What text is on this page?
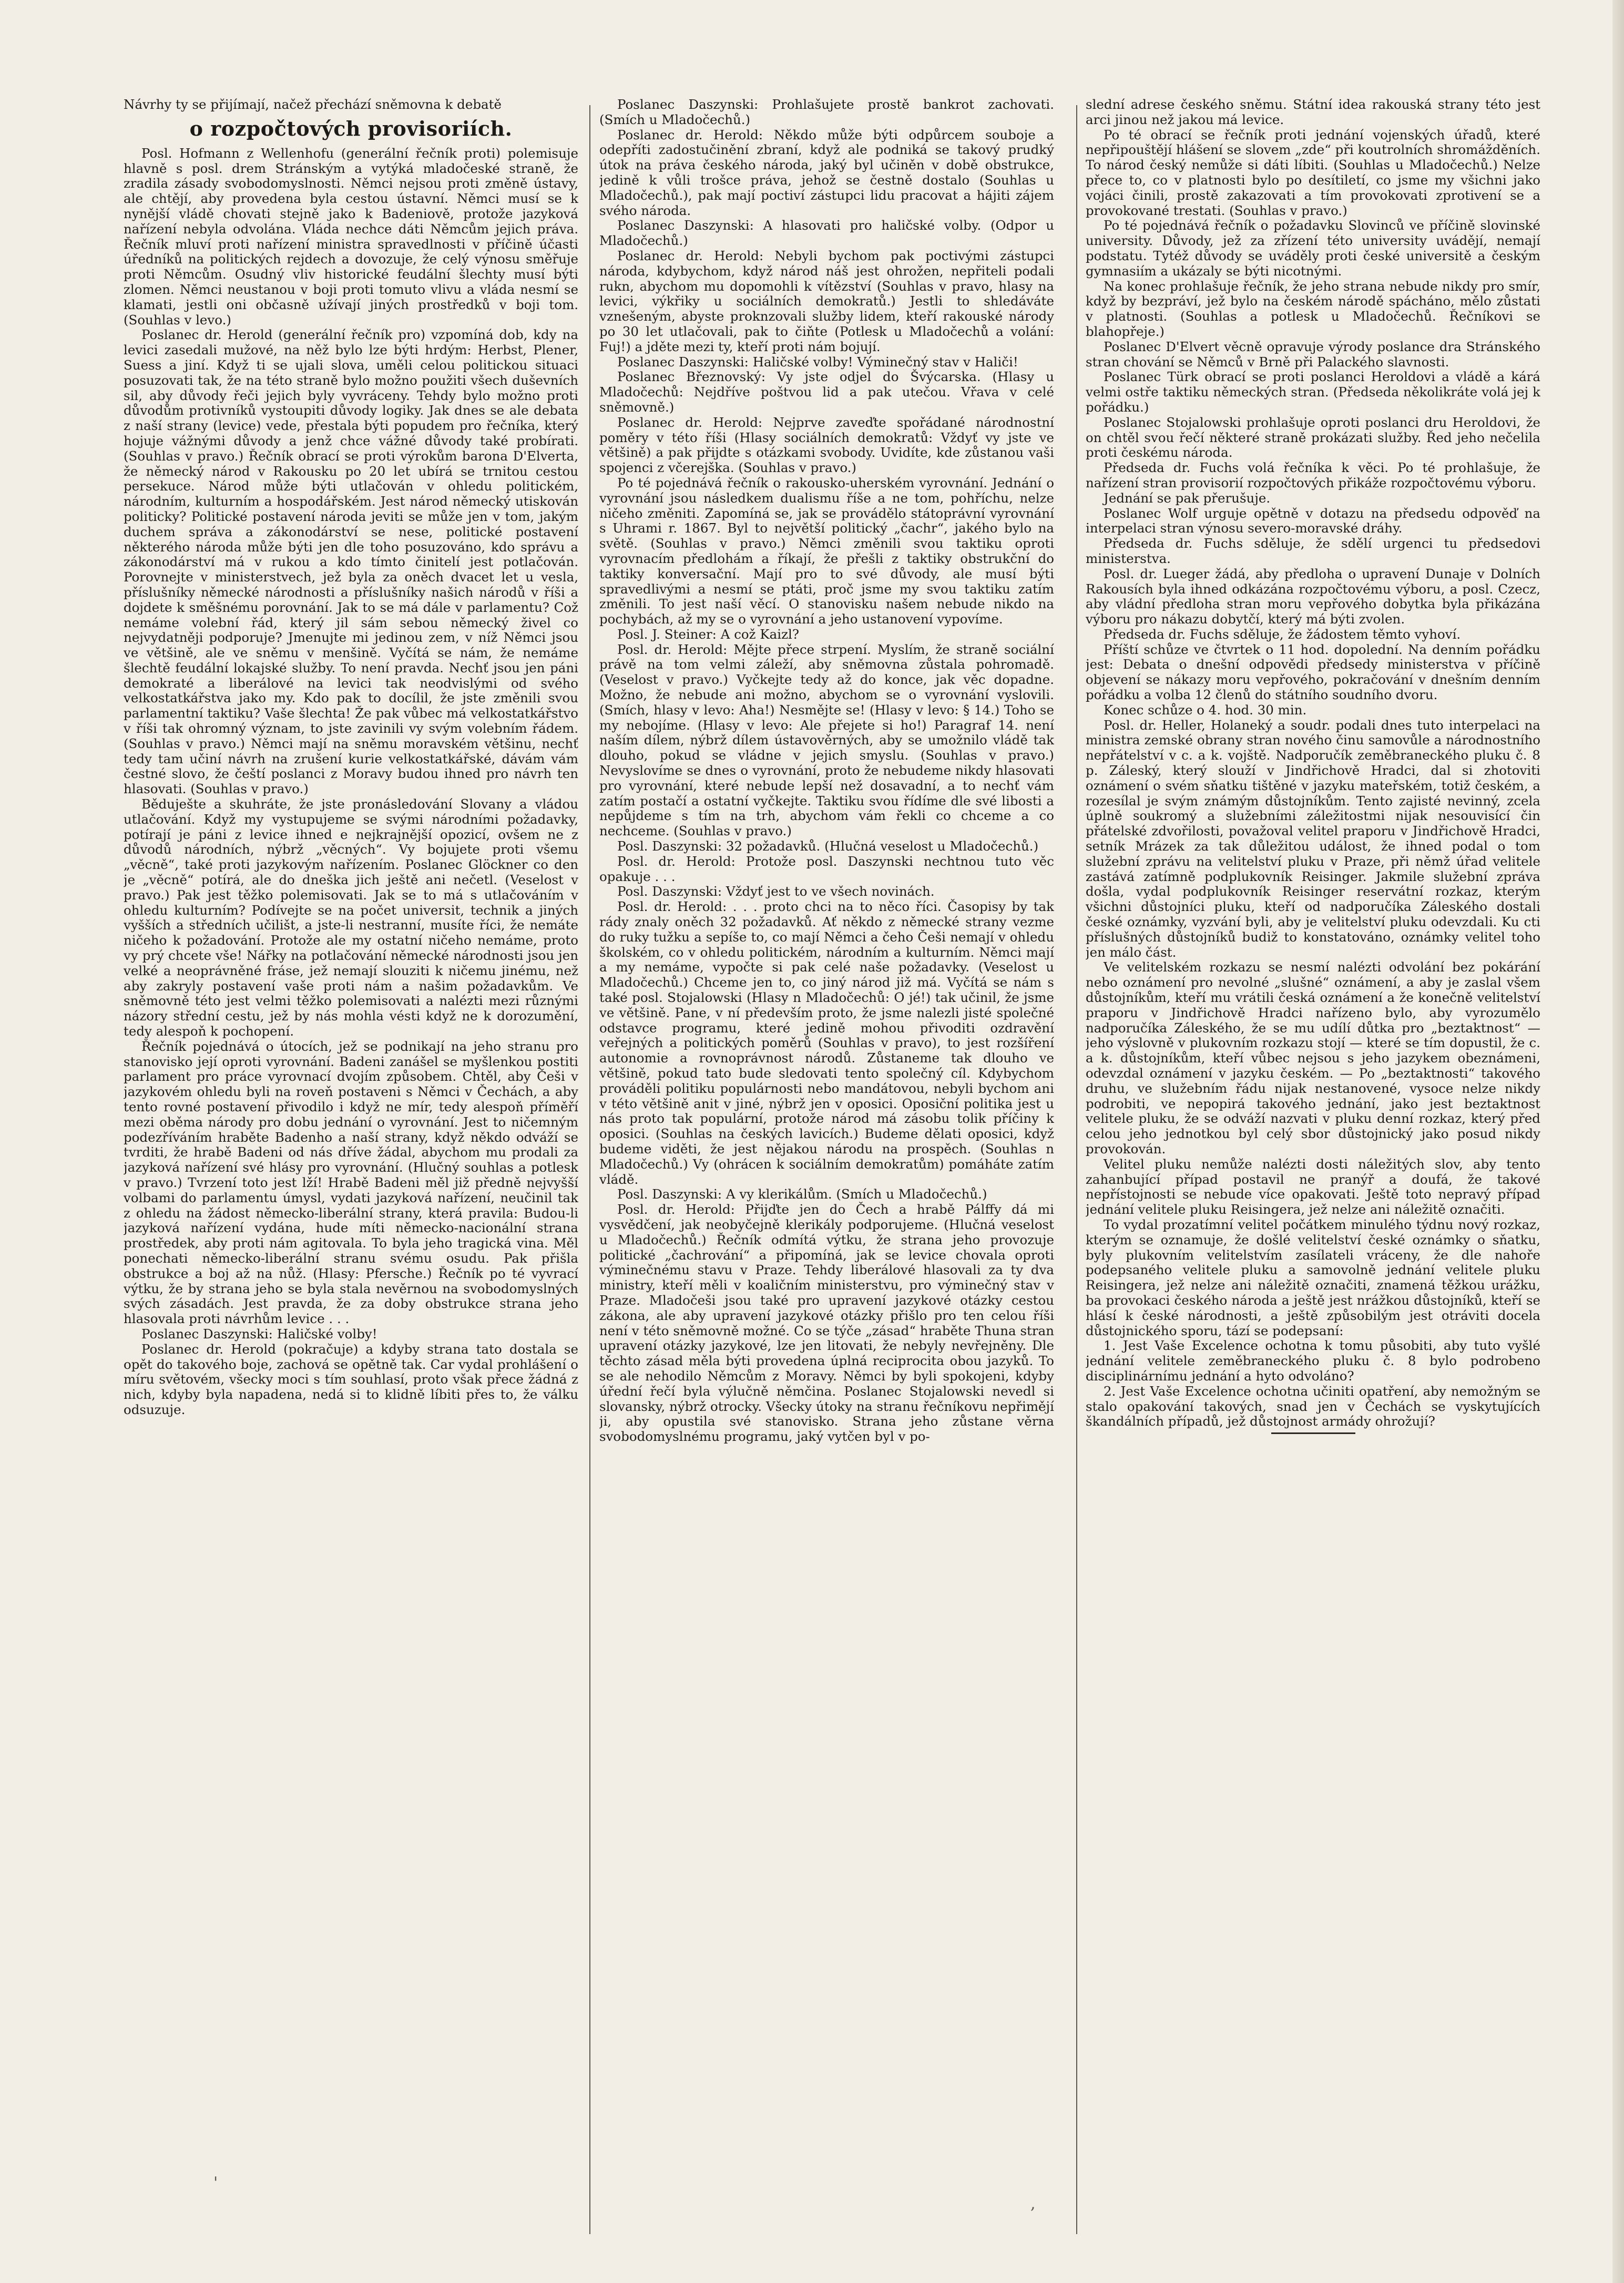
Návrhy ty se přijímají, načež přechází sněmovna k debatě

o rozpočtových provisoriích.

Posl. Hofmann z Wellenhofu (generální řečník proti) polemisuje hlavně s posl. drem Stránským a vytýká mladočeské straně, že zradila zásady svobodomyslnosti. Němci nejsou proti změně ústavy, ale chtějí, aby provedena byla cestou ústavní. Němci musí se k nynější vládě chovati stejně jako k Badeniově, protože jazyková nařízení nebyla odvolána. Vláda nechce dáti Němcům jejich práva. Řečník mluví proti nařízení ministra spravedlnosti v příčině účasti úředníků na politických rejdech a dovozuje, že celý výnosu směřuje proti Němcům. Osudný vliv historické feudální šlechty musí býti zlomen. Němci neustanou v boji proti tomuto vlivu a vláda nesmí se klamati, jestli oni občasně užívají jiných prostředků v boji tom. (Souhlas v levo.)

Poslanec dr. Herold (generální řečník pro) vzpomíná dob, kdy na levici zasedali mužové, na něž bylo lze býti hrdým: Herbst, Plener, Suess a jiní. Když ti se ujali slova, uměli celou politickou situaci posuzovati tak, že na této straně bylo možno použiti všech duševních sil, aby důvody řeči jejich byly vyvráceny. Tehdy bylo možno proti důvodům protivníků vystoupiti důvody logiky. Jak dnes se ale debata z naší strany (levice) vede, přestala býti popudem pro řečníka, který hojuje vážnými důvody a jenž chce vážné důvody také probírati. (Souhlas v pravo.) Řečník obrací se proti výrokům barona D'Elverta, že německý národ v Rakousku po 20 let ubírá se trnitou cestou persekuce. Národ může býti utlačován v ohledu politickém, národním, kulturním a hospodářském. Jest národ německý utiskován politicky? Politické postavení národa jeviti se může jen v tom, jakým duchem správa a zákonodárství se nese, politické postavení některého národa může býti jen dle toho posuzováno, kdo správu a zákonodárství má v rukou a kdo tímto činitelí jest potlačován. Porovnejte v ministerstvech, jež byla za oněch dvacet let u vesla, příslušníky německé národnosti a příslušníky našich národů v říši a dojdete k směšnému porovnání. Jak to se má dále v parlamentu? Což nemáme volební řád, který jil sám sebou německý živel co nejvydatněji podporuje? Jmenujte mi jedinou zem, v níž Němci jsou ve většině, ale ve sněmu v menšině. Vyčítá se nám, že nemáme šlechtě feudální lokajské služby. To není pravda. Nechť jsou jen páni demokraté a liberálové na levici tak neodvislými od svého velkostatkářstva jako my. Kdo pak to docílil, že jste změnili svou parlamentní taktiku? Vaše šlechta! Že pak vůbec má velkostatkářstvo v říši tak ohromný význam, to jste zavinili vy svým volebním řádem. (Souhlas v pravo.) Němci mají na sněmu moravském většinu, nechť tedy tam učiní návrh na zrušení kurie velkostatkářské, dávám vám čestné slovo, že čeští poslanci z Moravy budou ihned pro návrh ten hlasovati. (Souhlas v pravo.)

Běduješte a skuhráte, že jste pronásledování Slovany a vládou utlačování. Když my vystupujeme se svými národními požadavky, potírají je páni z levice ihned e nejkrajnější opozicí, ovšem ne z důvodů národních, nýbrž „věcných“. Vy bojujete proti všemu „věcně“, také proti jazykovým nařízením. Poslanec Glöckner co den je „věcně“ potírá, ale do dneška jich ještě ani nečetl. (Veselost v pravo.) Pak jest těžko polemisovati. Jak se to má s utlačováním v ohledu kulturním? Podívejte se na počet universit, technik a jiných vyšších a středních učilišt, a jste-li nestranní, musíte říci, že nemáte ničeho k požadování. Protože ale my ostatní ničeho nemáme, proto vy prý chcete vše! Nářky na potlačování německé národnosti jsou jen velké a neoprávněné fráse, jež nemají slouziti k ničemu jinému, než aby zakryly postavení vaše proti nám a našim požadavkům. Ve sněmovně této jest velmi těžko polemisovati a nalézti mezi různými názory střední cestu, jež by nás mohla vésti když ne k dorozumění, tedy alespoň k pochopení.

Řečník pojednává o útocích, jež se podnikají na jeho stranu pro stanovisko její oproti vyrovnání. Badeni zanášel se myšlenkou postiti parlament pro práce vyrovnací dvojím způsobem. Chtěl, aby Češi v jazykovém ohledu byli na roveň postaveni s Němci v Čechách, a aby tento rovné postavení přivodilo i když ne mír, tedy alespoň příměří mezi oběma národy pro dobu jednání o vyrovnání. Jest to ničemným podezříváním hraběte Badenho a naší strany, když někdo odváží se tvrditi, že hrabě Badeni od nás dříve žádal, abychom mu prodali za jazyková nařízení své hlásy pro vyrovnání. (Hlučný souhlas a potlesk v pravo.) Tvrzení toto jest lží! Hrabě Badeni měl již předně nejvyšší volbami do parlamentu úmysl, vydati jazyková nařízení, neučinil tak z ohledu na žádost německo-liberální strany, která pravila: Budou-li jazyková nařízení vydána, hude míti německo-nacionální strana prostředek, aby proti nám agitovala. To byla jeho tragická vina. Měl ponechati německo-liberální stranu svému osudu. Pak přišla obstrukce a boj až na nůž. (Hlasy: Pfersche.) Řečník po té vyvrací výtku, že by strana jeho se byla stala nevěrnou na svobodomyslných svých zásadách. Jest pravda, že za doby obstrukce strana jeho hlasovala proti návrhům levice . . .

Poslanec Daszynski: Haličské volby!

Poslanec dr. Herold (pokračuje) a kdyby strana tato dostala se opět do takového boje, zachová se opětně tak. Car vydal prohlášení o míru světovém, všecky moci s tím souhlasí, proto však přece žádná z nich, kdyby byla napadena, nedá si to klidně líbiti přes to, že válku odsuzuje.

Poslanec Daszynski: Prohlašujete prostě bankrot zachovati. (Smích u Mladočechů.)

Poslanec dr. Herold: Někdo může býti odpůrcem souboje a odepříti zadostučinění zbraní, když ale podniká se takový prudký útok na práva českého národa, jaký byl učiněn v době obstrukce, jedině k vůli trošce práva, jehož se čestně dostalo (Souhlas u Mladočechů.), pak mají poctiví zástupci lidu pracovat a hájiti zájem svého národa.

Poslanec Daszynski: A hlasovati pro haličské volby. (Odpor u Mladočechů.)

Poslanec dr. Herold: Nebyli bychom pak poctivými zástupci národa, kdybychom, když národ náš jest ohrožen, nepřiteli podali rukn, abychom mu dopomohli k vítězství (Souhlas v pravo, hlasy na levici, výkřiky u sociálních demokratů.) Jestli to shledáváte vznešeným, abyste proknzovali služby lidem, kteří rakouské národy po 30 let utlačovali, pak to čiňte (Potlesk u Mladočechů a volání: Fuj!) a jděte mezi ty, kteří proti nám bojují.

Poslanec Daszynski: Haličské volby! Výminečný stav v Haliči!

Poslanec Březnovský: Vy jste odjel do Švýcarska. (Hlasy u Mladočechů: Nejdříve poštvou lid a pak utečou. Vřava v celé sněmovně.)

Poslanec dr. Herold: Nejprve zaveďte spořádané národnostní poměry v této říši (Hlasy sociálních demokratů: Vždyť vy jste ve většině) a pak přijdte s otázkami svobody. Uvidíte, kde zůstanou vaši spojenci z včerejška. (Souhlas v pravo.)

Po té pojednává řečník o rakousko-uherském vyrovnání. Jednání o vyrovnání jsou následkem dualismu říše a ne tom, pohříchu, nelze ničeho změniti. Zapomíná se, jak se provádělo státoprávní vyrovnání s Uhrami r. 1867. Byl to největší politický „čachr“, jakého bylo na světě. (Souhlas v pravo.) Němci změnili svou taktiku oproti vyrovnacím předlohám a říkají, že přešli z taktiky obstrukční do taktiky konversační. Mají pro to své důvody, ale musí býti spravedlivými a nesmí se ptáti, proč jsme my svou taktiku zatím změnili. To jest naší věcí. O stanovisku našem nebude nikdo na pochybách, až my se o vyrovnání a jeho ustanovení vypovíme.

Posl. J. Steiner: A což Kaizl?

Posl. dr. Herold: Mějte přece strpení. Myslím, že straně sociální právě na tom velmi záleží, aby sněmovna zůstala pohromadě. (Veselost v pravo.) Vyčkejte tedy až do konce, jak věc dopadne. Možno, že nebude ani možno, abychom se o vyrovnání vyslovili. (Smích, hlasy v levo: Aha!) Nesmějte se! (Hlasy v levo: § 14.) Toho se my nebojíme. (Hlasy v levo: Ale přejete si ho!) Paragraf 14. není naším dílem, nýbrž dílem ústavověrných, aby se umožnilo vládě tak dlouho, pokud se vládne v jejich smyslu. (Souhlas v pravo.) Nevyslovíme se dnes o vyrovnání, proto že nebudeme nikdy hlasovati pro vyrovnání, které nebude lepší než dosavadní, a to nechť vám zatím postačí a ostatní vyčkejte. Taktiku svou řídíme dle své libosti a nepůjdeme s tím na trh, abychom vám řekli co chceme a co nechceme. (Souhlas v pravo.)

Posl. Daszynski: 32 požadavků. (Hlučná veselost u Mladočechů.)

Posl. dr. Herold: Protože posl. Daszynski nechtnou tuto věc opakuje . . .

Posl. Daszynski: Vždyť jest to ve všech novinách.

Posl. dr. Herold: . . . proto chci na to něco říci. Časopisy by tak rády znaly oněch 32 požadavků. Ať někdo z německé strany vezme do ruky tužku a sepíše to, co mají Němci a čeho Češi nemají v ohledu školském, co v ohledu politickém, národním a kulturním. Němci mají a my nemáme, vypočte si pak celé naše požadavky. (Veselost u Mladočechů.) Chceme jen to, co jiný národ již má. Vyčítá se nám s také posl. Stojalowski (Hlasy n Mladočechů: O jé!) tak učinil, že jsme ve většině. Pane, v ní především proto, že jsme nalezli jisté společné odstavce programu, které jedině mohou přivoditi ozdravění veřejných a politických poměrů (Souhlas v pravo), to jest rozšíření autonomie a rovnoprávnost národů. Zůstaneme tak dlouho ve většině, pokud tato bude sledovati tento společný cíl. Kdybychom prováděli politiku populárnosti nebo mandátovou, nebyli bychom ani v této většině anit v jiné, nýbrž jen v oposici. Oposiční politika jest u nás proto tak populární, protože národ má zásobu tolik příčiny k oposici. (Souhlas na českých lavicích.) Budeme dělati oposici, když budeme viděti, že jest nějakou národu na prospěch. (Souhlas n Mladočechů.) Vy (ohrácen k sociálním demokratům) pomáháte zatím vládě.

Posl. Daszynski: A vy klerikálům. (Smích u Mladočechů.)

Posl. dr. Herold: Přijďte jen do Čech a hrabě Pálffy dá mi vysvědčení, jak neobyčejně klerikály podporujeme. (Hlučná veselost u Mladočechů.) Řečník odmítá výtku, že strana jeho provozuje politické „čachrování“ a připomíná, jak se levice chovala oproti výminečnému stavu v Praze. Tehdy liberálové hlasovali za ty dva ministry, kteří měli v koaličním ministerstvu, pro výminečný stav v Praze. Mladočeši jsou také pro upravení jazykové otázky cestou zákona, ale aby upravení jazykové otázky přišlo pro ten celou říši není v této sněmovně možné. Co se týče „zásad“ hraběte Thuna stran upravení otázky jazykové, lze jen litovati, že nebyly nevřejněny. Dle těchto zásad měla býti provedena úplná reciprocita obou jazyků. To se ale nehodilo Němcům z Moravy. Němci by byli spokojeni, kdyby úřední řečí byla výlučně němčina. Poslanec Stojalowski nevedl si slovansky, nýbrž otrocky. Všecky útoky na stranu řečníkovu nepřimějí ji, aby opustila své stanovisko. Strana jeho zůstane věrna svobodomyslnému programu, jaký vytčen byl v po-

slední adrese českého sněmu. Státní idea rakouská strany této jest arci jinou než jakou má levice.

Po té obrací se řečník proti jednání vojenských úřadů, které nepřipouštějí hlášení se slovem „zde“ při koutrolních shromážděních. To národ český nemůže si dáti líbiti. (Souhlas u Mladočechů.) Nelze přece to, co v platnosti bylo po desítiletí, co jsme my všichni jako vojáci činili, prostě zakazovati a tím provokovati zprotivení se a provokované trestati. (Souhlas v pravo.)

Po té pojednává řečník o požadavku Slovinců ve příčině slovinské university. Důvody, jež za zřízení této university uvádějí, nemají podstatu. Tytéž důvody se uváděly proti české universitě a českým gymnasiím a ukázaly se býti nicotnými.

Na konec prohlašuje řečník, že jeho strana nebude nikdy pro smír, když by bezpráví, jež bylo na českém národě spácháno, mělo zůstati v platnosti. (Souhlas a potlesk u Mladočechů. Řečníkovi se blahopřeje.)

Poslanec D'Elvert věcně opravuje výrody poslance dra Stránského stran chování se Němců v Brně při Palackého slavnosti.

Poslanec Türk obrací se proti poslanci Heroldovi a vládě a kárá velmi ostře taktiku německých stran. (Předseda několikráte volá jej k pořádku.)

Poslanec Stojalowski prohlašuje oproti poslanci dru Heroldovi, že on chtěl svou řečí některé straně prokázati služby. Řed jeho nečelila proti českému národa.

Předseda dr. Fuchs volá řečníka k věci. Po té prohlašuje, že nařízení stran provisorií rozpočtových přikáže rozpočtovému výboru.

Jednání se pak přerušuje.

Poslanec Wolf urguje opětně v dotazu na předsedu odpověď na interpelaci stran výnosu severo-moravské dráhy.

Předseda dr. Fuchs sděluje, že sdělí urgenci tu předsedovi ministerstva.

Posl. dr. Lueger žádá, aby předloha o upravení Dunaje v Dolních Rakousích byla ihned odkázána rozpočtovému výboru, a posl. Czecz, aby vládní předloha stran moru vepřového dobytka byla přikázána výboru pro nákazu dobytčí, který má býti zvolen.

Předseda dr. Fuchs sděluje, že žádostem těmto vyhoví.

Příští schůze ve čtvrtek o 11 hod. dopolední. Na denním pořádku jest: Debata o dnešní odpovědi předsedy ministerstva v příčině objevení se nákazy moru vepřového, pokračování v dnešním denním pořádku a volba 12 členů do státního soudního dvoru.

Konec schůze o 4. hod. 30 min.

Posl. dr. Heller, Holaneký a soudr. podali dnes tuto interpelaci na ministra zemské obrany stran nového činu samovůle a národnostního nepřátelství v c. a k. vojště. Nadporučík zeměbraneckého pluku č. 8 p. Záleský, který slouží v Jindřichově Hradci, dal si zhotoviti oznámení o svém sňatku tištěné v jazyku mateřském, totiž českém, a rozesílal je svým známým důstojníkům. Tento zajisté nevinný, zcela úplně soukromý a služebními záležitostmi nijak nesouvisící čin přátelské zdvořilosti, považoval velitel praporu v Jindřichově Hradci, setník Mrázek za tak důležitou událost, že ihned podal o tom služební zprávu na velitelství pluku v Praze, při němž úřad velitele zastává zatímně podplukovník Reisinger. Jakmile služební zpráva došla, vydal podplukovník Reisinger reservátní rozkaz, kterým všichni důstojníci pluku, kteří od nadporučíka Záleského dostali české oznámky, vyzvání byli, aby je velitelství pluku odevzdali. Ku cti příslušných důstojníků budiž to konstatováno, oznámky velitel toho jen málo část.

Ve velitelském rozkazu se nesmí nalézti odvolání bez pokárání nebo oznámení pro nevolné „slušné“ oznámení, a aby je zaslal všem důstojníkům, kteří mu vrátili česká oznámení a že konečně velitelství praporu v Jindřichově Hradci nařízeno bylo, aby vyrozumělo nadporučíka Záleského, že se mu udílí důtka pro „beztaktnost“ — jeho výslovně v plukovním rozkazu stojí — které se tím dopustil, že c. a k. důstojníkům, kteří vůbec nejsou s jeho jazykem obeznámeni, odevzdal oznámení v jazyku českém. — Po „beztaktnosti“ takového druhu, ve služebním řádu nijak nestanovené, vysoce nelze nikdy podrobiti, ve nepopirá takového jednání, jako jest beztaktnost velitele pluku, že se odváží nazvati v pluku denní rozkaz, který před celou jeho jednotkou byl celý sbor důstojnický jako posud nikdy provokován.

Velitel pluku nemůže nalézti dosti náležitých slov, aby tento zahanbující případ postavil ne pranýř a doufá, že takové nepřístojnosti se nebude více opakovati. Ještě toto nepravý případ jednání velitele pluku Reisingera, jež nelze ani náležitě označiti.

To vydal prozatímní velitel počátkem minulého týdnu nový rozkaz, kterým se oznamuje, že došlé velitelství české oznámky o sňatku, byly plukovním velitelstvím zasílateli vráceny, že dle nahoře podepsaného velitele pluku a samovolně jednání velitele pluku Reisingera, jež nelze ani náležitě označiti, znamená těžkou urážku, ba provokaci českého národa a ještě jest nrážkou důstojníků, kteří se hlásí k české národnosti, a ještě způsobilým jest otráviti docela důstojnického sporu, tází se podepsaní:

1. Jest Vaše Excelence ochotna k tomu působiti, aby tuto vyšlé jednání velitele zeměbraneckého pluku č. 8 bylo podrobeno disciplinárnímu jednání a hyto odvoláno?

2. Jest Vaše Excelence ochotna učiniti opatření, aby nemožným se stalo opakování takových, snad jen v Čechách se vyskytujících škandálních případů, jež důstojnost armády ohrožují?

'
,
